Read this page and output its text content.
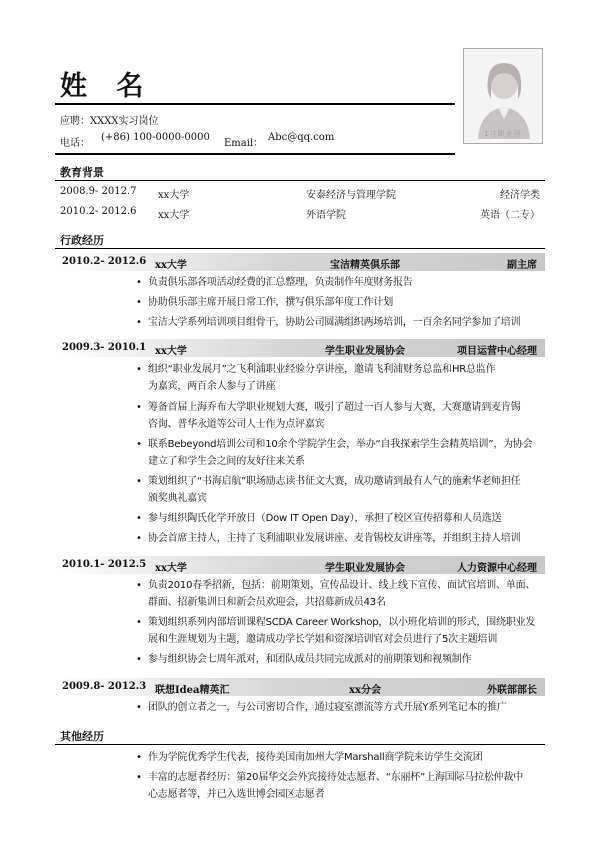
姓 名
应聘：XXXX实习岗位
电话：
(+86) 100-0000-0000
Email：
Abc@qq.com	1寸职业照
教育背景
2008.9- 2012.7 xx大学	安泰经济与管理学院	经济学类
2010.2- 2012.6 xx大学	外语学院	英语（二专）
行政经历
2010.2- 2012.6 xx大学	宝洁精英俱乐部	副主席
• 负责俱乐部各项活动经费的汇总整理，负责制作年度财务报告
• 协助俱乐部主席开展日常工作，撰写俱乐部年度工作计划
• 宝洁大学系列培训项目组骨干，协助公司圆满组织两场培训，一百余名同学参加了培训
2009.3- 2010.1 xx大学	学生职业发展协会	项目运营中心经理
• 组织“职业发展月”之飞利浦职业经验分享讲座，邀请飞利浦财务总监和HR总监作
为嘉宾，两百余人参与了讲座
• 筹备首届上海乔布大学职业规划大赛，吸引了超过一百人参与大赛，大赛邀请到麦肯锡
咨询、普华永道等公司人士作为点评嘉宾
• 联系Bebeyond培训公司和10余个学院学生会，举办“自我探索学生会精英培训”，为协会
建立了和学生会之间的友好往来关系
• 策划组织了“书海启航”职场励志读书征文大赛，成功邀请到最有人气的施索华老师担任
颁奖典礼嘉宾
• 参与组织陶氏化学开放日（Dow IT Open Day），承担了校区宣传招募和人员选送
• 协会首席主持人，主持了飞利浦职业发展讲座、麦肯锡校友讲座等，并组织主持人培训
2010.1- 2012.5 xx大学	学生职业发展协会	人力资源中心经理
• 负责2010春季招新，包括：前期策划、宣传品设计、线上线下宣传、面试官培训、单面、
群面、招新集训日和新会员欢迎会，共招募新成员43名
• 策划组织系列内部培训课程SCDA Career Workshop，以小班化培训的形式，围绕职业发
展和生涯规划为主题，邀请成功学长学姐和资深培训官对会员进行了5次主题培训
• 参与组织协会七周年派对，和团队成员共同完成派对的前期策划和视频制作
2009.8- 2012.3 联想Idea精英汇	xx分会	外联部部长
• 团队的创立者之一，与公司密切合作，通过寝室漂流等方式开展Y系列笔记本的推广
其他经历
• 作为学院优秀学生代表，接待美国南加州大学Marshall商学院来访学生交流团
• 丰富的志愿者经历：第20届华交会外宾接待处志愿者、“东丽杯”上海国际马拉松仲裁中
心志愿者等，并已入选世博会园区志愿者
